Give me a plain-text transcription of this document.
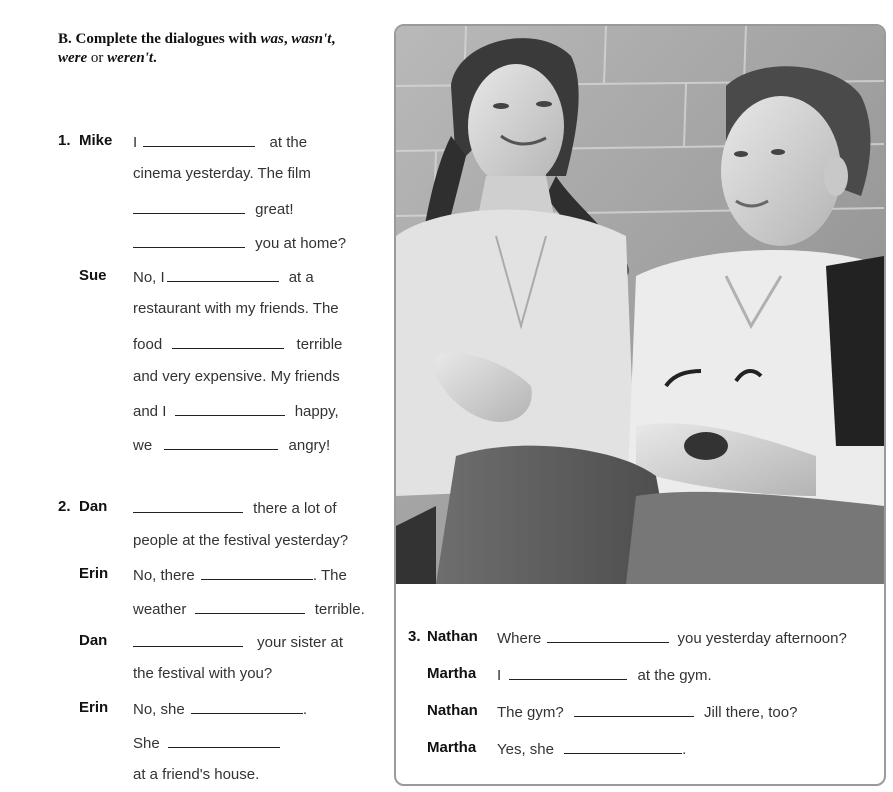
B. Complete the dialogues with was, wasn't,
were or weren't.
1. Mike I	at the
cinema yesterday. The film
great!
you at home?
Sue No, I	at a
restaurant with my friends. The
food	terrible
and very expensive. My friends
and I	happy,
we	angry!
2. Dan	there a lot of
people at the festival yesterday?
Erin No, there	. The
weather	terrible.
Dan	your sister at
the festival with you?
Erin No, she	.
She
at a friend's house.
3. Nathan Where	you yesterday afternoon?
Martha I	at the gym.
Nathan The gym?	Jill there, too?
Martha Yes, she	.
